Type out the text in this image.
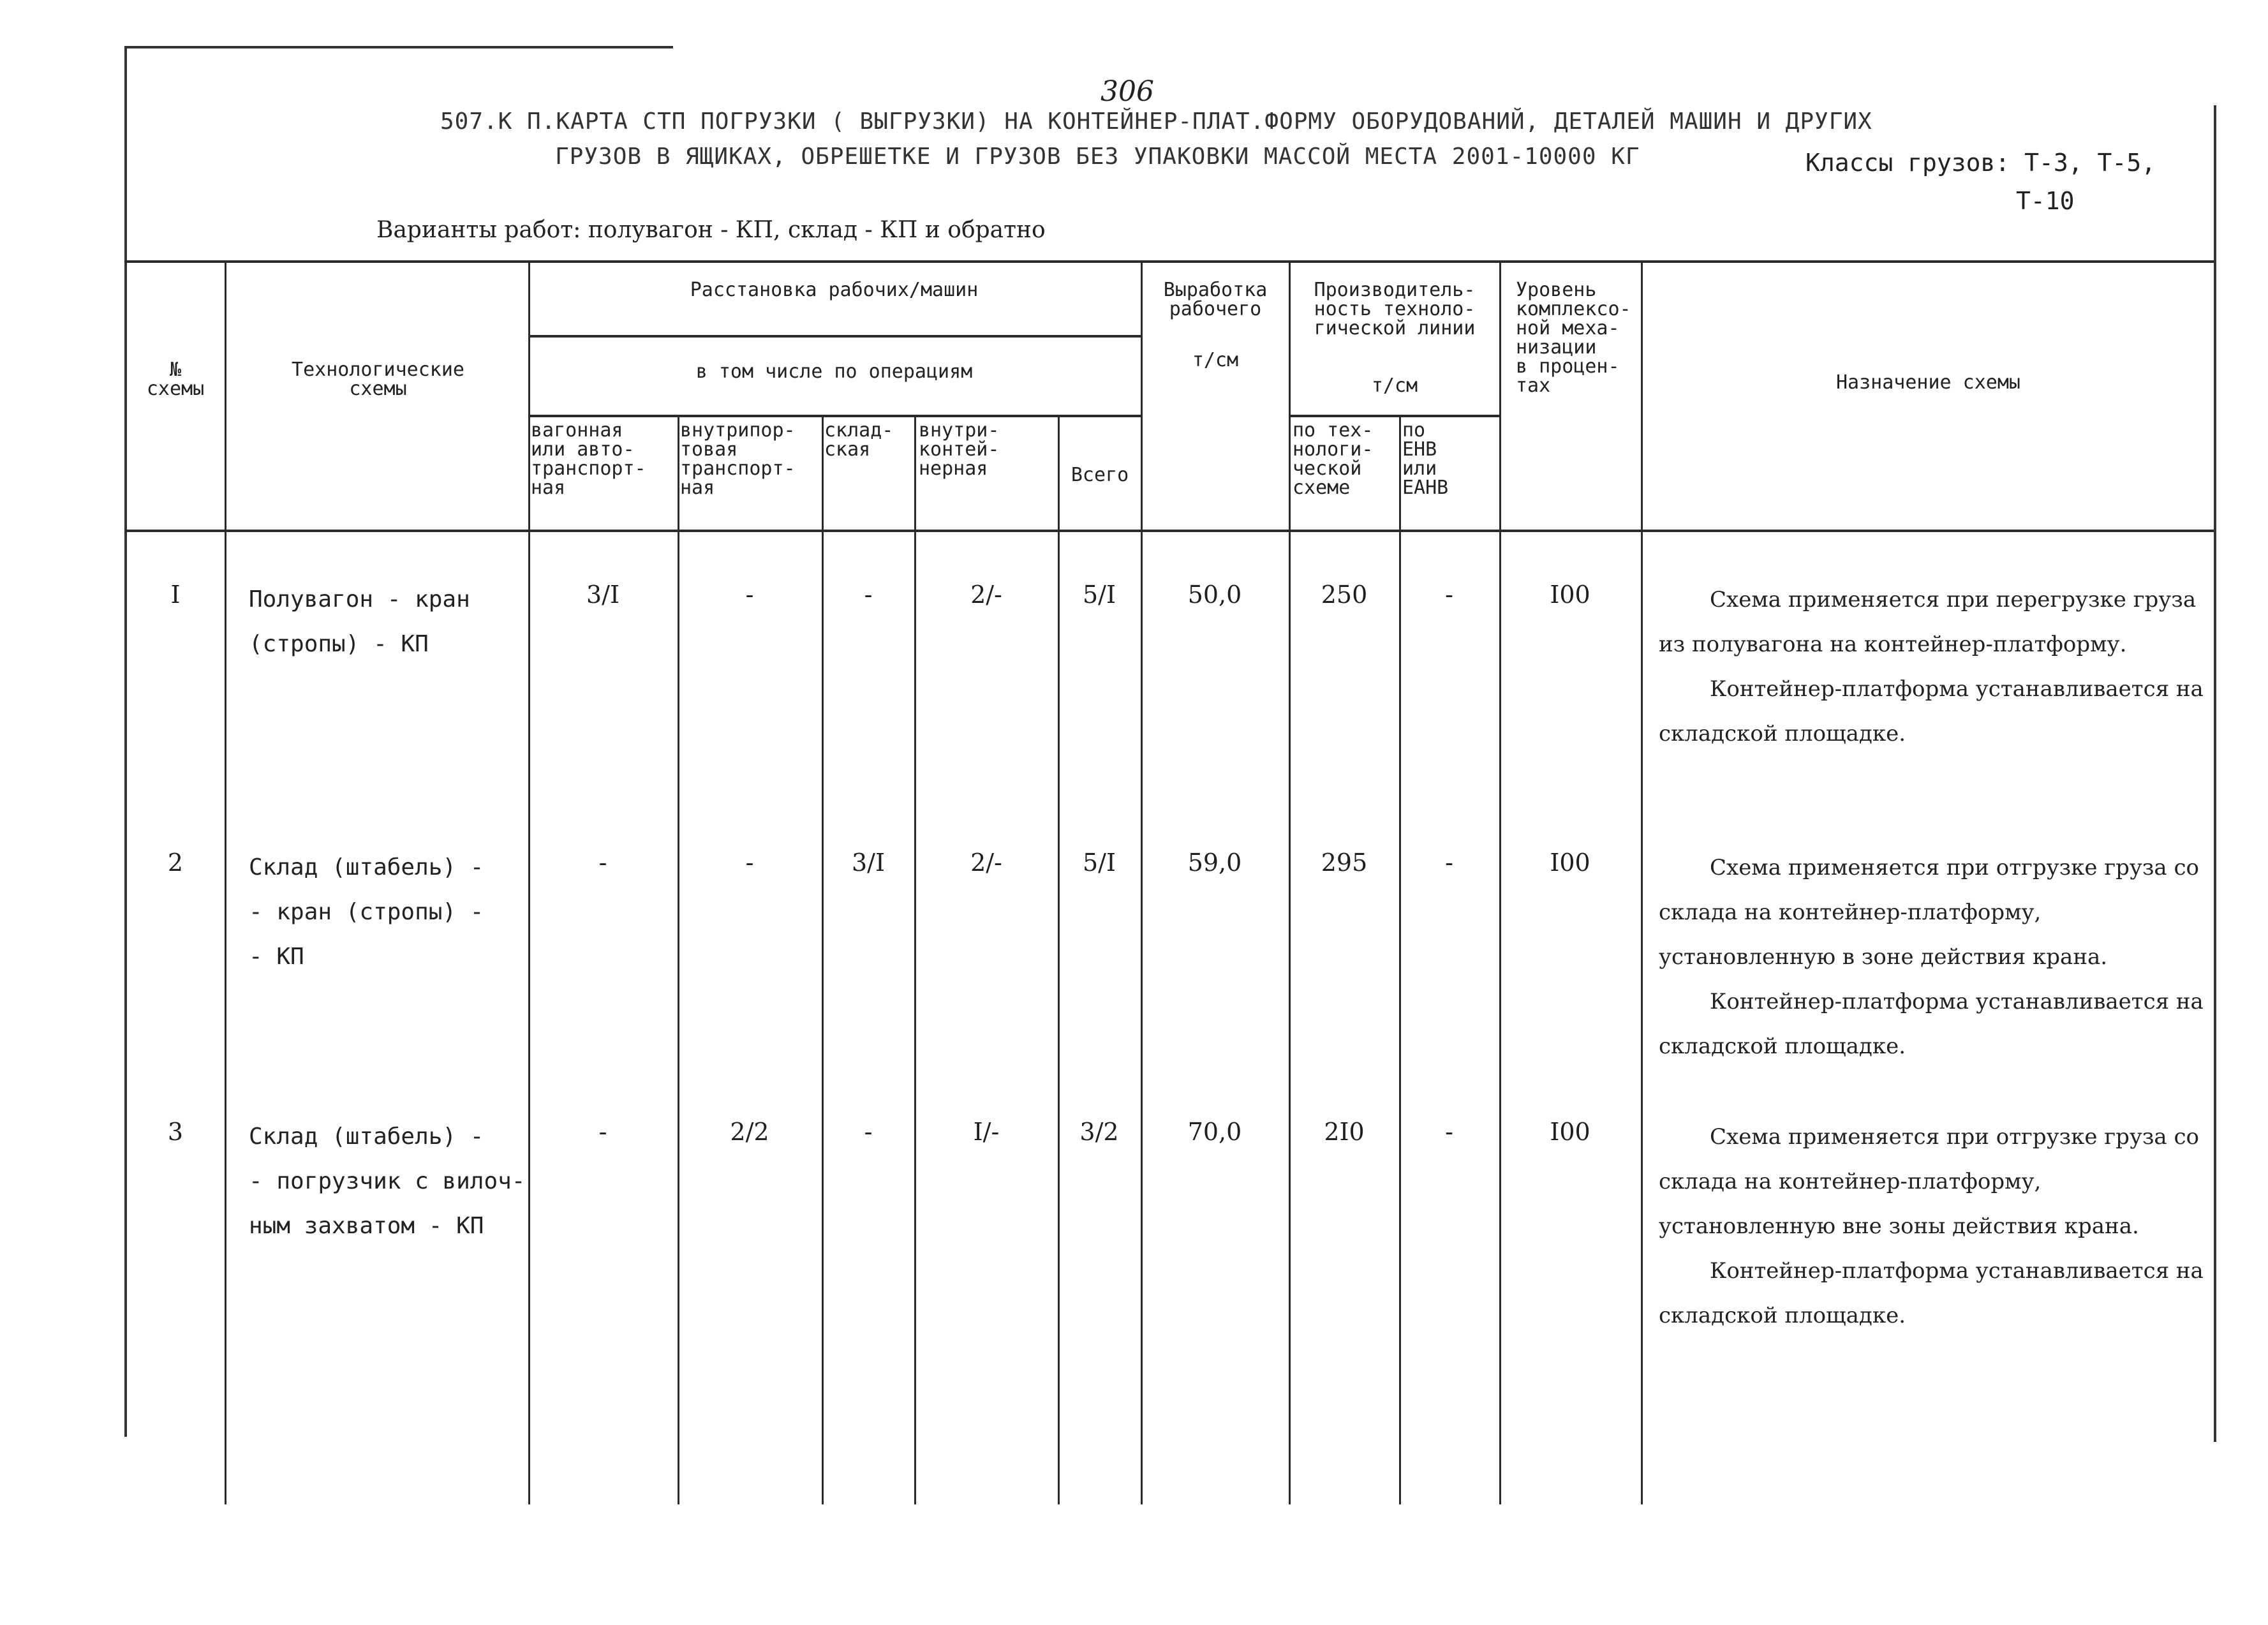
306
507.К П.КАРТА СТП ПОГРУЗКИ ( ВЫГРУЗКИ) НА КОНТЕЙНЕР-ПЛАТ.ФОРМУ ОБОРУДОВАНИЙ, ДЕТАЛЕЙ МАШИН И ДРУГИХ
ГРУЗОВ В ЯЩИКАХ, ОБРЕШЕТКЕ И ГРУЗОВ БЕЗ УПАКОВКИ МАССОЙ МЕСТА 2001-10000 КГ	Классы грузов: Т-3, Т-5,
Т-10
Варианты работ: полувагон - КП, склад - КП и обратно
№
схемы
Технологические
схемы
Расстановка рабочих/машин
в том числе по операциям
вагонная
или авто-
транспорт-
ная
внутрипор-
товая
транспорт-
ная
склад-
ская
внутри-
контей-
нерная	Всего
Выработка
рабочего
т/см
Производитель-
ность техноло-
гической линии
т/см
по тех-
нологи-
ческой
схеме
по
ЕНВ
или
ЕАНВ
Уровень
комплексо-
ной меха-
низации
в процен-
тах	Назначение схемы
I	Полувагон - кран
(стропы) - КП
3/I	-	-	2/-	5/I	50,0	250	-	I00	Схема применяется при перегрузке груза из полувагона на контейнер-платформу.

Контейнер-платформа устанавливается на складской площадке.

2	Склад (штабель) -
- кран (стропы) -
- КП
-	-	3/I	2/-	5/I	59,0	295	-	I00	Схема применяется при отгрузке груза со склада на контейнер-платформу, установленную в зоне действия крана.

Контейнер-платформа устанавливается на складской площадке.

3	Склад (штабель) -
- погрузчик с вилоч-
ным захватом - КП
-	2/2	-	I/-	3/2	70,0	2I0	-	I00	Схема применяется при отгрузке груза со склада на контейнер-платформу, установленную вне зоны действия крана.

Контейнер-платформа устанавливается на складской площадке.
